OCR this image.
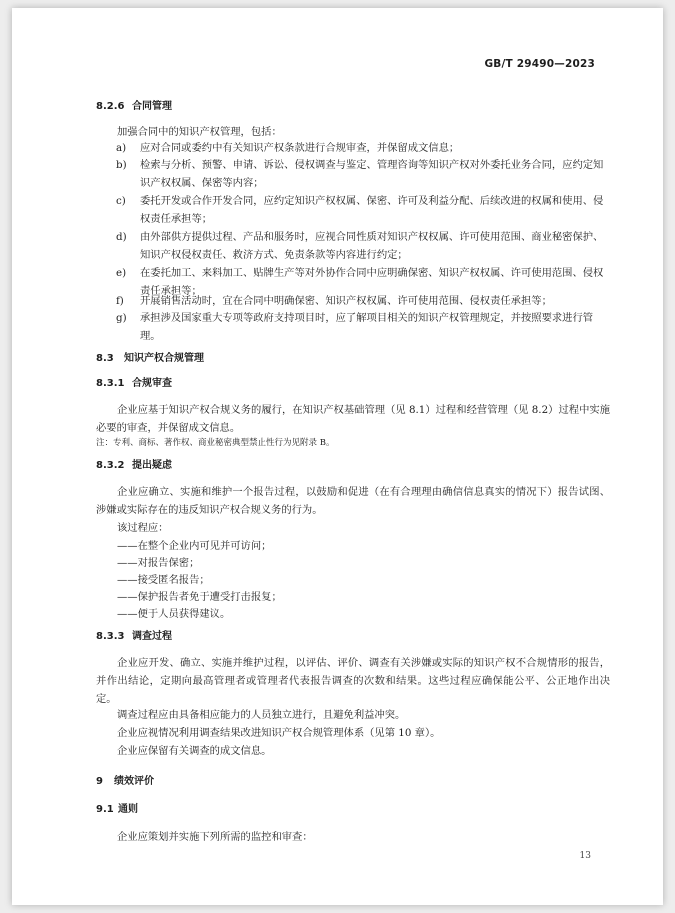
GB/T 29490—2023
8.2.6 合同管理
加强合同中的知识产权管理，包括：
a)	应对合同或委约中有关知识产权条款进行合规审查，并保留成文信息；
b)	检索与分析、预警、申请、诉讼、侵权调查与鉴定、管理咨询等知识产权对外委托业务合同，应约定知识产权权属、保密等内容；
c)	委托开发或合作开发合同，应约定知识产权权属、保密、许可及利益分配、后续改进的权属和使用、侵权责任承担等；
d)	由外部供方提供过程、产品和服务时，应视合同性质对知识产权权属、许可使用范围、商业秘密保护、知识产权侵权责任、救济方式、免责条款等内容进行约定；
e)	在委托加工、来料加工、贴牌生产等对外协作合同中应明确保密、知识产权权属、许可使用范围、侵权责任承担等；
f)	开展销售活动时，宜在合同中明确保密、知识产权权属、许可使用范围、侵权责任承担等；
g)	承担涉及国家重大专项等政府支持项目时，应了解项目相关的知识产权管理规定，并按照要求进行管理。
8.3 知识产权合规管理
8.3.1 合规审查
企业应基于知识产权合规义务的履行，在知识产权基础管理（见 8.1）过程和经营管理（见 8.2）过程中实施必要的审查，并保留成文信息。
注：专利、商标、著作权、商业秘密典型禁止性行为见附录 B。
8.3.2 提出疑虑
企业应确立、实施和维护一个报告过程，以鼓励和促进（在有合理理由确信信息真实的情况下）报告试图、涉嫌或实际存在的违反知识产权合规义务的行为。
该过程应：
——在整个企业内可见并可访问；
——对报告保密；
——接受匿名报告；
——保护报告者免于遭受打击报复；
——便于人员获得建议。
8.3.3 调查过程
企业应开发、确立、实施并维护过程，以评估、评价、调查有关涉嫌或实际的知识产权不合规情形的报告，并作出结论，定期向最高管理者或管理者代表报告调查的次数和结果。这些过程应确保能公平、公正地作出决定。
调查过程应由具备相应能力的人员独立进行，且避免利益冲突。
企业应视情况利用调查结果改进知识产权合规管理体系（见第 10 章）。
企业应保留有关调查的成文信息。
9 绩效评价
9.1 通则
企业应策划并实施下列所需的监控和审查：
13
